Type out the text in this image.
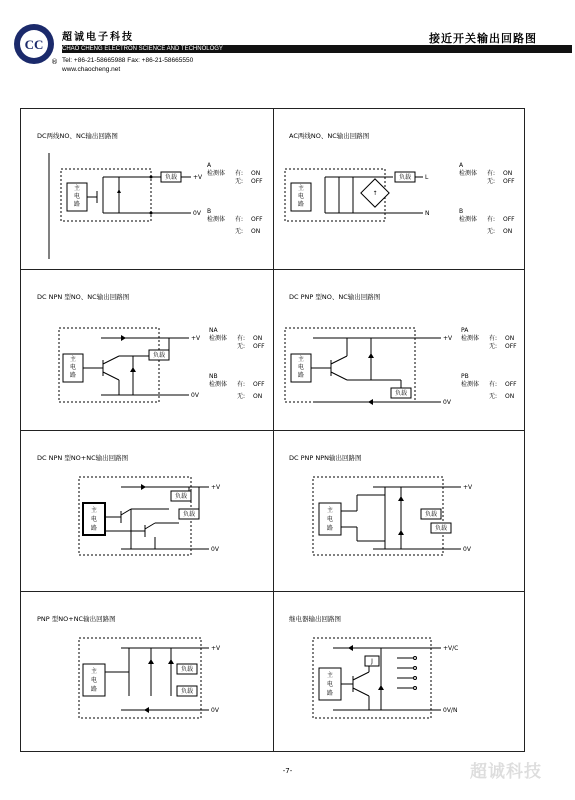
CC
®
超诚电子科技
CHAO CHENG ELECTRON SCIENCE AND TECHNOLOGY
Tel: +86-21-58665988 Fax: +86-21-58665550
www.chaocheng.net
接近开关输出回路图
DC两线NO、NC输出回路图
主
电
路
负载	+V
0V
A
检测体 有: ON
无: OFF
B
检测体 有: OFF
无: ON
AC两线NO、NC输出回路图
主
电
路
↑
负载 L
N
A
检测体 有: ON
无: OFF
B
检测体 有: OFF
无: ON
DC NPN 型NO、NC输出回路图
主
电
路
负载
+V
0V
NA
检测体 有: ON
无: OFF
NB
检测体 有: OFF
无: ON
DC PNP 型NO、NC输出回路图
主
电
路
负载
+V
0V
PA
检测体 有: ON
无: OFF
PB
检测体 有: OFF
无: ON
DC NPN 型NO+NC输出回路图
主
电
路
负载
负载
+V
0V
DC PNP NPN输出回路图
主
电
路
负载
负载
+V
0V
PNP 型NO+NC输出回路图
主
电
路
负载
负载
+V
0V
继电器输出回路图
主
电
路
J
+V/C
0V/N
-7-	超诚科技
